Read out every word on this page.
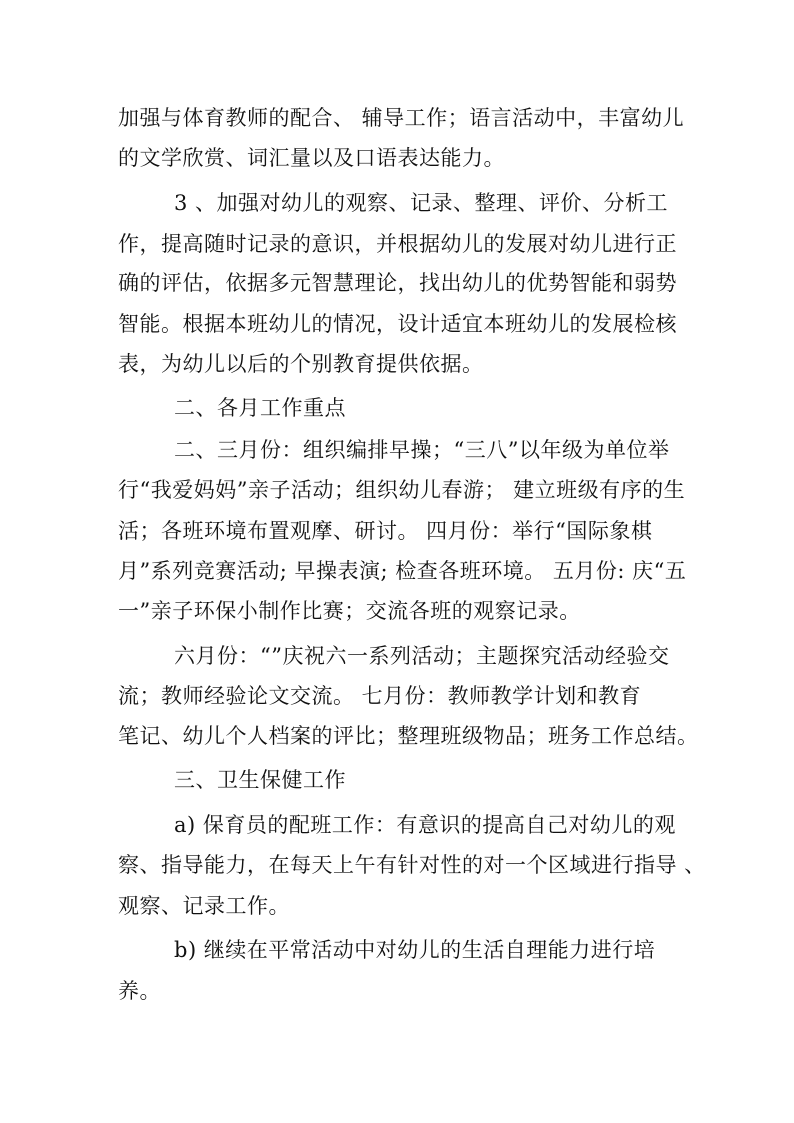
加强与体育教师的配合、 辅导工作；语言活动中，丰富幼儿
的文学欣赏、词汇量以及口语表达能力。
3 、加强对幼儿的观察、记录、整理、评价、分析工
作，提高随时记录的意识，并根据幼儿的发展对幼儿进行正
确的评估，依据多元智慧理论，找出幼儿的优势智能和弱势
智能。根据本班幼儿的情况，设计适宜本班幼儿的发展检核
表，为幼儿以后的个别教育提供依据。
二、各月工作重点
二、三月份：组织编排早操；“三八”以年级为单位举
行“我爱妈妈”亲子活动；组织幼儿春游； 建立班级有序的生
活；各班环境布置观摩、研讨。 四月份：举行“国际象棋
月”系列竞赛活动; 早操表演; 检查各班环境。 五月份: 庆“五
一”亲子环保小制作比赛；交流各班的观察记录。
六月份：“”庆祝六一系列活动；主题探究活动经验交
流；教师经验论文交流。 七月份：教师教学计划和教育
笔记、幼儿个人档案的评比；整理班级物品；班务工作总结。
三、卫生保健工作
a) 保育员的配班工作：有意识的提高自己对幼儿的观
察、指导能力，在每天上午有针对性的对一个区域进行指导 、
观察、记录工作。
b) 继续在平常活动中对幼儿的生活自理能力进行培
养。
